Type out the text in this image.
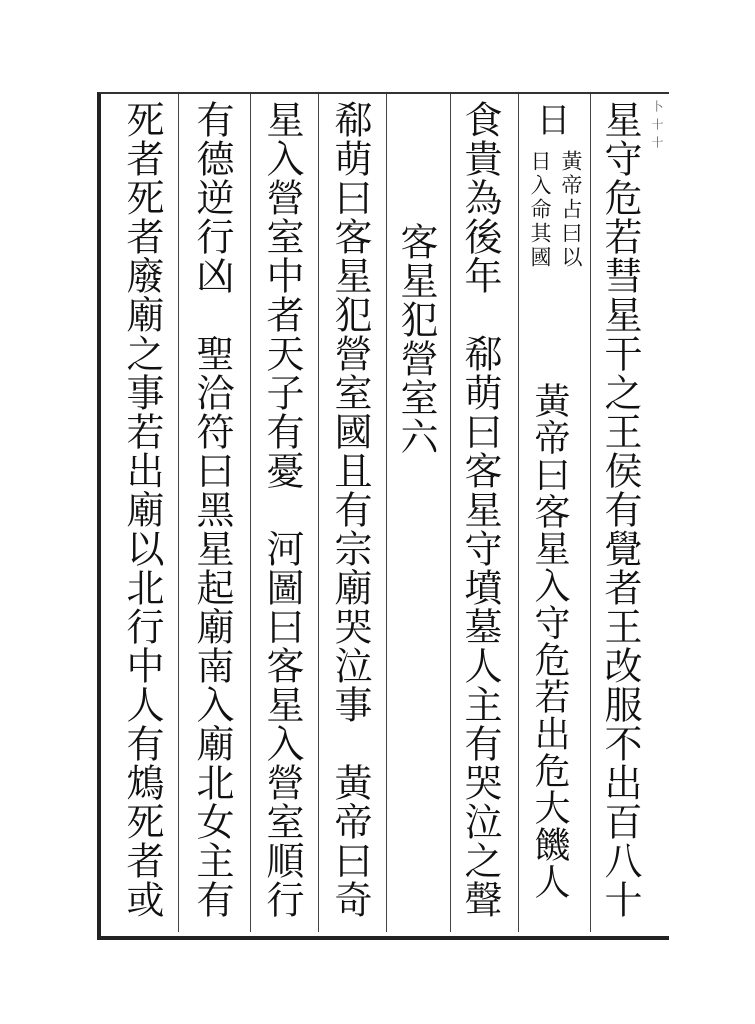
卜十十
星守危若彗星干之王侯有覺者王改服不出百八十
日
黃帝占曰以
日入命其國
黃帝曰客星入守危若出危大饑人
食貴為後年　郗萌曰客星守墳墓人主有哭泣之聲
客星犯營室六
郗萌曰客星犯營室國且有宗廟哭泣事　黃帝曰奇
星入營室中者天子有憂　河圖曰客星入營室順行
有德逆行凶　聖洽符曰黑星起廟南入廟北女主有
死者死者廢廟之事若出廟以北行中人有鴆死者或
